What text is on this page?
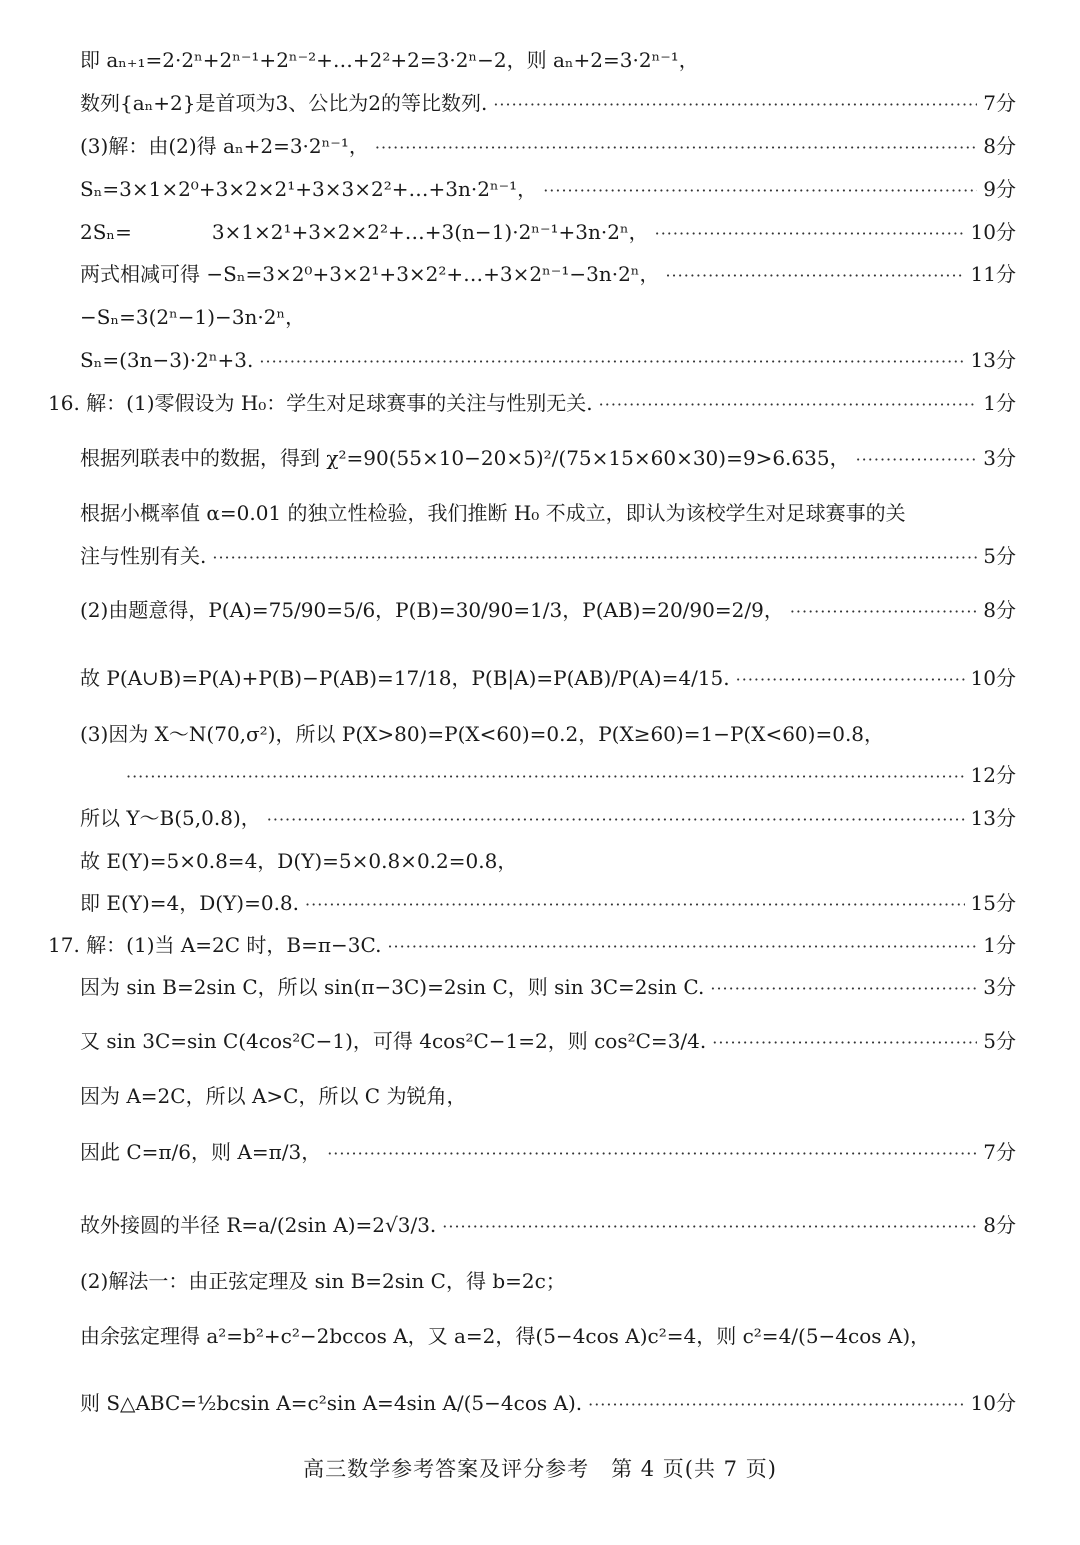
即 aₙ₊₁=2·2ⁿ+2ⁿ⁻¹+2ⁿ⁻²+…+2²+2=3·2ⁿ−2，则 aₙ+2=3·2ⁿ⁻¹，
数列{aₙ+2}是首项为3、公比为2的等比数列. ·····	7分
(3)解：由(2)得 aₙ+2=3·2ⁿ⁻¹， ·····	8分
Sₙ=3×1×2⁰+3×2×2¹+3×3×2²+…+3n·2ⁿ⁻¹， ·····	9分
2Sₙ=　　　　3×1×2¹+3×2×2²+…+3(n−1)·2ⁿ⁻¹+3n·2ⁿ， ·····	10分
两式相减可得 −Sₙ=3×2⁰+3×2¹+3×2²+…+3×2ⁿ⁻¹−3n·2ⁿ， ·····	11分
−Sₙ=3(2ⁿ−1)−3n·2ⁿ，
Sₙ=(3n−3)·2ⁿ+3. ·····	13分
16. 解：(1)零假设为 H₀：学生对足球赛事的关注与性别无关. ·····	1分
根据列联表中的数据，得到 χ²=90(55×10−20×5)²/(75×15×60×30)=9>6.635， ·····	3分
根据小概率值 α=0.01 的独立性检验，我们推断 H₀ 不成立，即认为该校学生对足球赛事的关
注与性别有关. ·····	5分
(2)由题意得，P(A)=75/90=5/6，P(B)=30/90=1/3，P(AB)=20/90=2/9， ·····	8分
故 P(A∪B)=P(A)+P(B)−P(AB)=17/18，P(B|A)=P(AB)/P(A)=4/15. ·····	10分
(3)因为 X～N(70,σ²)，所以 P(X>80)=P(X<60)=0.2，P(X≥60)=1−P(X<60)=0.8，
·····
12分
所以 Y～B(5,0.8)， ·····	13分
故 E(Y)=5×0.8=4，D(Y)=5×0.8×0.2=0.8，
即 E(Y)=4，D(Y)=0.8. ·····	15分
17. 解：(1)当 A=2C 时，B=π−3C. ·····	1分
因为 sin B=2sin C，所以 sin(π−3C)=2sin C，则 sin 3C=2sin C. ·····	3分
又 sin 3C=sin C(4cos²C−1)，可得 4cos²C−1=2，则 cos²C=3/4. ·····	5分
因为 A=2C，所以 A>C，所以 C 为锐角，
因此 C=π/6，则 A=π/3， ·····	7分
故外接圆的半径 R=a/(2sin A)=2√3/3. ·····	8分
(2)解法一：由正弦定理及 sin B=2sin C，得 b=2c；
由余弦定理得 a²=b²+c²−2bccos A，又 a=2，得(5−4cos A)c²=4，则 c²=4/(5−4cos A)，
则 S△ABC=½bcsin A=c²sin A=4sin A/(5−4cos A). ·····	10分
高三数学参考答案及评分参考　第 4 页(共 7 页)
